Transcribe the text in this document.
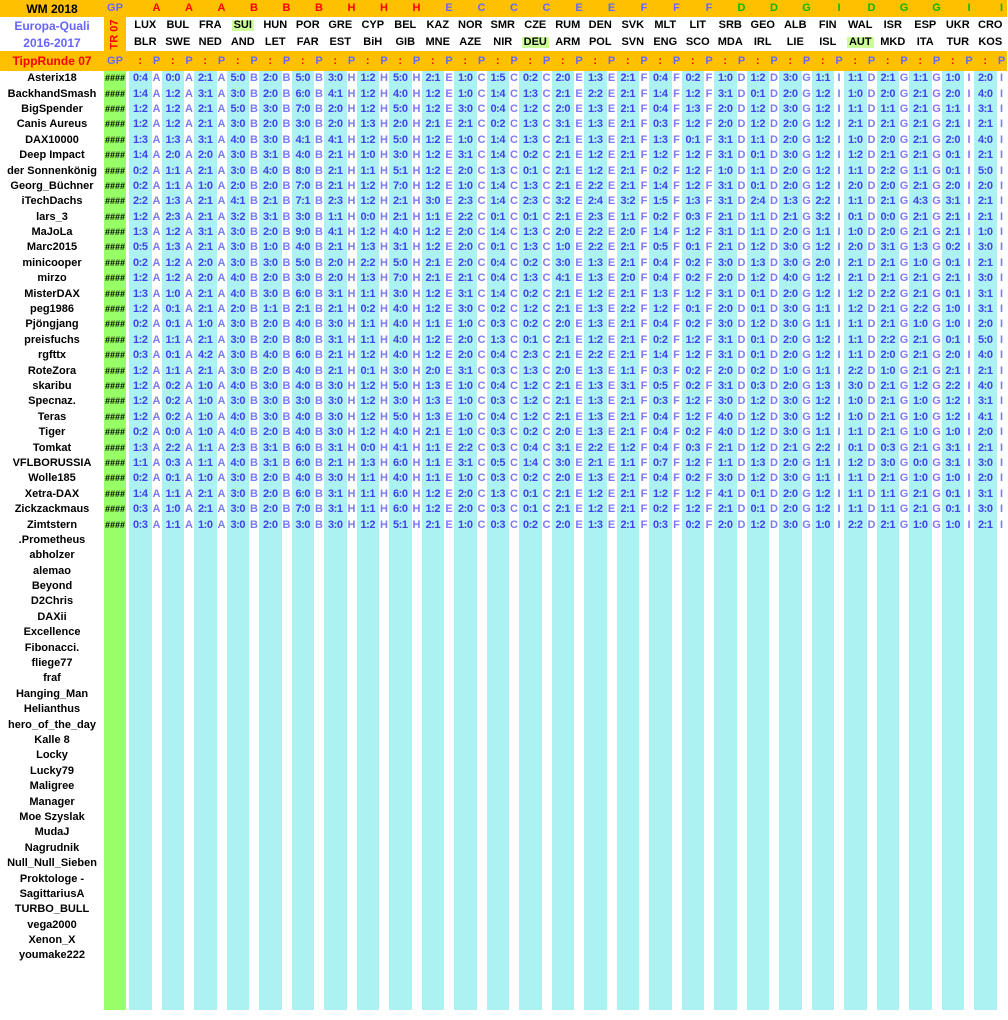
WM 2018	GP	A A A B B B H H H E C C C E E F F F D D G	I	D G G	I	I
Europa-Quali	TR 07 LUX BUL FRA SUI HUN POR GRE CYP BEL KAZ NOR SMR CZE RUM DEN SVK MLT LIT SRB GEO ALB FIN WAL ISR ESP UKR CRO
2016-2017	BLR SWE NED AND LET FAR EST BiH GIB MNE AZE NIR DEU ARM POL SVN ENG SCO MDA IRL LIE ISL AUT MKD ITA TUR KOS
TippRunde 07	GP	: P : P : P : P : P : P : P : P : P : P : P : P : P : P : P : P : P : P : P : P : P : P : P : P : P : P : P
Asterix18	#### 0:4 A 0:0 A 2:1 A 5:0 B 2:0 B 5:0 B 3:0 H 1:2 H 5:0 H 2:1 E 1:0 C 1:5 C 0:2 C 2:0 E 1:3 E 2:1 F 0:4 F 0:2 F 1:0 D 1:2 D 3:0 G 1:1 I 1:1 D 2:1 G 1:1 G 1:0 I 2:0 I
BackhandSmash #### 1:4 A 1:2 A 3:1 A 3:0 B 2:0 B 6:0 B 4:1 H 1:2 H 4:0 H 1:2 E 1:0 C 1:4 C 1:3 C 2:1 E 2:2 E 2:1 F 1:4 F 1:2 F 3:1 D 0:1 D 2:0 G 1:2 I 1:0 D 2:0 G 2:1 G 2:0 I 4:0 I
BigSpender	#### 1:2 A 1:2 A 2:1 A 5:0 B 3:0 B 7:0 B 2:0 H 1:2 H 5:0 H 1:2 E 3:0 C 0:4 C 1:2 C 2:0 E 1:3 E 2:1 F 0:4 F 1:3 F 2:0 D 1:2 D 3:0 G 1:2 I 1:1 D 1:1 G 2:1 G 1:1 I 3:1 I
Canis Aureus	#### 1:2 A 1:2 A 2:1 A 3:0 B 2:0 B 3:0 B 2:0 H 1:3 H 2:0 H 2:1 E 2:1 C 0:2 C 1:3 C 3:1 E 1:3 E 2:1 F 0:3 F 1:2 F 2:0 D 1:2 D 2:0 G 1:2 I 2:1 D 2:1 G 2:1 G 2:1 I 2:1 I
DAX10000	#### 1:3 A 1:3 A 3:1 A 4:0 B 3:0 B 4:1 B 4:1 H 1:2 H 5:0 H 1:2 E 1:0 C 1:4 C 1:3 C 2:1 E 1:3 E 2:1 F 1:3 F 0:1 F 3:1 D 1:1 D 2:0 G 1:2 I 1:0 D 2:0 G 2:1 G 2:0 I 4:0 I
Deep Impact	#### 1:4 A 2:0 A 2:0 A 3:0 B 3:1 B 4:0 B 2:1 H 1:0 H 3:0 H 1:2 E 3:1 C 1:4 C 0:2 C 2:1 E 1:2 E 2:1 F 1:2 F 1:2 F 3:1 D 0:1 D 3:0 G 1:2 I 1:2 D 2:1 G 2:1 G 0:1 I 2:1 I
der Sonnenkönig #### 0:2 A 1:1 A 2:1 A 3:0 B 4:0 B 8:0 B 2:1 H 1:1 H 5:1 H 1:2 E 2:0 C 1:3 C 0:1 C 2:1 E 1:2 E 2:1 F 0:2 F 1:2 F 1:0 D 1:1 D 2:0 G 1:2 I 1:1 D 2:2 G 1:1 G 0:1 I 5:0 I
Georg_Büchner	#### 0:2 A 1:1 A 1:0 A 2:0 B 2:0 B 7:0 B 2:1 H 1:2 H 7:0 H 1:2 E 1:0 C 1:4 C 1:3 C 2:1 E 2:2 E 2:1 F 1:4 F 1:2 F 3:1 D 0:1 D 2:0 G 1:2 I 2:0 D 2:0 G 2:1 G 2:0 I 2:0 I
iTechDachs	#### 2:2 A 1:3 A 2:1 A 4:1 B 2:1 B 7:1 B 2:3 H 1:2 H 2:1 H 3:0 E 2:3 C 1:4 C 2:3 C 3:2 E 2:4 E 3:2 F 1:5 F 1:3 F 3:1 D 2:4 D 1:3 G 2:2 I 1:1 D 2:1 G 4:3 G 3:1 I 2:1 I
lars_3	#### 1:2 A 2:3 A 2:1 A 3:2 B 3:1 B 3:0 B 1:1 H 0:0 H 2:1 H 1:1 E 2:2 C 0:1 C 0:1 C 2:1 E 2:3 E 1:1 F 0:2 F 0:3 F 2:1 D 1:1 D 2:1 G 3:2 I 0:1 D 0:0 G 2:1 G 2:1 I 2:1 I
MaJoLa	#### 1:3 A 1:2 A 3:1 A 3:0 B 2:0 B 9:0 B 4:1 H 1:2 H 4:0 H 1:2 E 2:0 C 1:4 C 1:3 C 2:0 E 2:2 E 2:0 F 1:4 F 1:2 F 3:1 D 1:1 D 2:0 G 1:1 I 1:0 D 2:0 G 2:1 G 2:1 I 1:0 I
Marc2015	#### 0:5 A 1:3 A 2:1 A 3:0 B 1:0 B 4:0 B 2:1 H 1:3 H 3:1 H 1:2 E 2:0 C 0:1 C 1:3 C 1:0 E 2:2 E 2:1 F 0:5 F 0:1 F 2:1 D 1:2 D 3:0 G 1:2 I 2:0 D 3:1 G 1:3 G 0:2 I 3:0 I
minicooper	#### 0:2 A 1:2 A 2:0 A 3:0 B 3:0 B 5:0 B 2:0 H 2:2 H 5:0 H 2:1 E 2:0 C 0:4 C 0:2 C 3:0 E 1:3 E 2:1 F 0:4 F 0:2 F 3:0 D 1:3 D 3:0 G 2:0 I 2:1 D 2:1 G 1:0 G 0:1 I 2:1 I
mirzo	#### 1:2 A 1:2 A 2:0 A 4:0 B 2:0 B 3:0 B 2:0 H 1:3 H 7:0 H 2:1 E 2:1 C 0:4 C 1:3 C 4:1 E 1:3 E 2:0 F 0:4 F 0:2 F 2:0 D 1:2 D 4:0 G 1:2 I 2:1 D 2:1 G 2:1 G 2:1 I 3:0 I
MisterDAX	#### 1:3 A 1:0 A 2:1 A 4:0 B 3:0 B 6:0 B 3:1 H 1:1 H 3:0 H 1:2 E 3:1 C 1:4 C 0:2 C 2:1 E 1:2 E 2:1 F 1:3 F 1:2 F 3:1 D 0:1 D 2:0 G 1:2 I 1:2 D 2:2 G 2:1 G 0:1 I 3:1 I
peg1986	#### 1:2 A 0:1 A 2:1 A 2:0 B 1:1 B 2:1 B 2:1 H 0:2 H 4:0 H 1:2 E 3:0 C 0:2 C 1:2 C 2:1 E 1:3 E 2:2 F 1:2 F 0:1 F 2:0 D 0:1 D 3:0 G 1:1 I 1:2 D 2:1 G 2:2 G 1:0 I 3:1 I
Pjöngjang	#### 0:2 A 0:1 A 1:0 A 3:0 B 2:0 B 4:0 B 3:0 H 1:1 H 4:0 H 1:1 E 1:0 C 0:3 C 0:2 C 2:0 E 1:3 E 2:1 F 0:4 F 0:2 F 3:0 D 1:2 D 3:0 G 1:1 I 1:1 D 2:1 G 1:0 G 1:0 I 2:0 I
preisfuchs	#### 1:2 A 1:1 A 2:1 A 3:0 B 2:0 B 8:0 B 3:1 H 1:1 H 4:0 H 1:2 E 2:0 C 1:3 C 0:1 C 2:1 E 1:2 E 2:1 F 0:2 F 1:2 F 3:1 D 0:1 D 2:0 G 1:2 I 1:1 D 2:2 G 2:1 G 0:1 I 5:0 I
rgfttx	#### 0:3 A 0:1 A 4:2 A 3:0 B 4:0 B 6:0 B 2:1 H 1:2 H 4:0 H 1:2 E 2:0 C 0:4 C 2:3 C 2:1 E 2:2 E 2:1 F 1:4 F 1:2 F 3:1 D 0:1 D 2:0 G 1:2 I 1:1 D 2:0 G 2:1 G 2:0 I 4:0 I
RoteZora	#### 1:2 A 1:1 A 2:1 A 3:0 B 2:0 B 4:0 B 2:1 H 0:1 H 3:0 H 2:0 E 3:1 C 0:3 C 1:3 C 2:0 E 1:3 E 1:1 F 0:3 F 0:2 F 2:0 D 0:2 D 1:0 G 1:1 I 2:2 D 1:0 G 2:1 G 2:1 I 2:1 I
skaribu	#### 1:2 A 0:2 A 1:0 A 4:0 B 3:0 B 4:0 B 3:0 H 1:2 H 5:0 H 1:3 E 1:0 C 0:4 C 1:2 C 2:1 E 1:3 E 3:1 F 0:5 F 0:2 F 3:1 D 0:3 D 2:0 G 1:3 I 3:0 D 2:1 G 1:2 G 2:2 I 4:0 I
Specnaz.	#### 1:2 A 0:2 A 1:0 A 3:0 B 3:0 B 3:0 B 3:0 H 1:2 H 3:0 H 1:3 E 1:0 C 0:3 C 1:2 C 2:1 E 1:3 E 2:1 F 0:3 F 1:2 F 3:0 D 1:2 D 3:0 G 1:2 I 1:0 D 2:1 G 1:0 G 1:2 I 3:1 I
Teras	#### 1:2 A 0:2 A 1:0 A 4:0 B 3:0 B 4:0 B 3:0 H 1:2 H 5:0 H 1:3 E 1:0 C 0:4 C 1:2 C 2:1 E 1:3 E 2:1 F 0:4 F 1:2 F 4:0 D 1:2 D 3:0 G 1:2 I 1:0 D 2:1 G 1:0 G 1:2 I 4:1 I
Tiger	#### 0:2 A 0:0 A 1:0 A 4:0 B 2:0 B 4:0 B 3:0 H 1:2 H 4:0 H 2:1 E 1:0 C 0:3 C 0:2 C 2:0 E 1:3 E 2:1 F 0:4 F 0:2 F 4:0 D 1:2 D 3:0 G 1:1 I 1:1 D 2:1 G 1:0 G 1:0 I 2:0 I
Tomkat	#### 1:3 A 2:2 A 1:1 A 2:3 B 3:1 B 6:0 B 3:1 H 0:0 H 4:1 H 1:1 E 2:2 C 0:3 C 0:4 C 3:1 E 2:2 E 1:2 F 0:4 F 0:3 F 2:1 D 1:2 D 2:1 G 2:2 I 0:1 D 0:3 G 2:1 G 3:1 I 2:1 I
VFLBORUSSIA	#### 1:1 A 0:3 A 1:1 A 4:0 B 3:1 B 6:0 B 2:1 H 1:3 H 6:0 H 1:1 E 3:1 C 0:5 C 1:4 C 3:0 E 2:1 E 1:1 F 0:7 F 1:2 F 1:1 D 1:3 D 2:0 G 1:1 I 1:2 D 3:0 G 0:0 G 3:1 I 3:0 I
Wolle185	#### 0:2 A 0:1 A 1:0 A 3:0 B 2:0 B 4:0 B 3:0 H 1:1 H 4:0 H 1:1 E 1:0 C 0:3 C 0:2 C 2:0 E 1:3 E 2:1 F 0:4 F 0:2 F 3:0 D 1:2 D 3:0 G 1:1 I 1:1 D 2:1 G 1:0 G 1:0 I 2:0 I
Xetra-DAX	#### 1:4 A 1:1 A 2:1 A 3:0 B 2:0 B 6:0 B 3:1 H 1:1 H 6:0 H 1:2 E 2:0 C 1:3 C 0:1 C 2:1 E 1:2 E 2:1 F 1:2 F 1:2 F 4:1 D 0:1 D 2:0 G 1:2 I 1:1 D 1:1 G 2:1 G 0:1 I 3:1 I
Zickzackmaus	#### 0:3 A 1:0 A 2:1 A 3:0 B 2:0 B 7:0 B 3:1 H 1:1 H 6:0 H 1:2 E 2:0 C 0:3 C 0:1 C 2:1 E 1:2 E 2:1 F 0:2 F 1:2 F 2:1 D 0:1 D 2:0 G 1:2 I 1:1 D 1:1 G 2:1 G 0:1 I 3:0 I
Zimtstern	#### 0:3 A 1:1 A 1:0 A 3:0 B 2:0 B 3:0 B 3:0 H 1:2 H 5:1 H 2:1 E 1:0 C 0:3 C 0:2 C 2:0 E 1:3 E 2:1 F 0:3 F 0:2 F 2:0 D 1:2 D 3:0 G 1:0 I 2:2 D 2:1 G 1:0 G 1:0 I 2:1 I
.Prometheus
abholzer
alemao
Beyond
D2Chris
DAXii
Excellence
Fibonacci.
fliege77
fraf
Hanging_Man
Helianthus
hero_of_the_day
Kalle 8
Locky
Lucky79
Maligree
Manager
Moe Szyslak
MudaJ
Nagrudnik
Null_Null_Sieben
Proktologe -
SagittariusA
TURBO_BULL
vega2000
Xenon_X
youmake222
